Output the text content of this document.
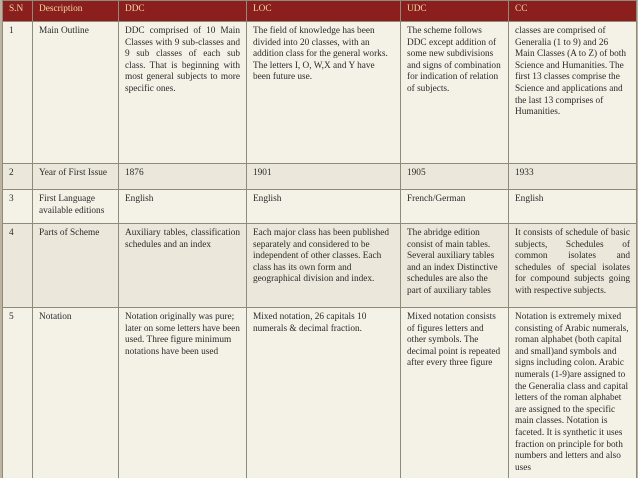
S.N	Description	DDC	LOC	UDC	CC
1	Main Outline	DDC comprised of 10 Main Classes with 9 sub-classes and 9 sub classes of each sub class. That is beginning with most general subjects to more specific ones.	The field of knowledge has been divided into 20 classes, with an addition class for the general works. The letters I, O, W,X and Y have been future use.	The scheme follows DDC except addition of some new subdivisions and signs of combination for indication of relation of subjects.	classes are comprised of Generalia (1 to 9) and 26 Main Classes (A to Z) of both Science and Humanities. The first 13 classes comprise the Science and applications and the last 13 comprises of Humanities.
2	Year of First Issue	1876	1901	1905	1933
3	First Language available editions	English	English	French/German	English
4	Parts of Scheme	Auxiliary tables, classification schedules and an index	Each major class has been published separately and considered to be independent of other classes. Each class has its own form and geographical division and index.	The abridge edition consist of main tables. Several auxiliary tables and an index Distinctive schedules are also the part of auxiliary tables	It consists of schedule of basic subjects, Schedules of common isolates and schedules of special isolates for compound subjects going with respective subjects.
5	Notation	Notation originally was pure; later on some letters have been used. Three figure minimum notations have been used	Mixed notation, 26 capitals 10 numerals & decimal fraction.	Mixed notation consists of figures letters and other symbols. The decimal point is repeated after every three figure	Notation is extremely mixed consisting of Arabic numerals, roman alphabet (both capital and small)and symbols and signs including colon. Arabic numerals (1-9)are assigned to the Generalia class and capital letters of the roman alphabet are assigned to the specific main classes. Notation is faceted. It is synthetic it uses fraction on principle for both numbers and letters and also uses
